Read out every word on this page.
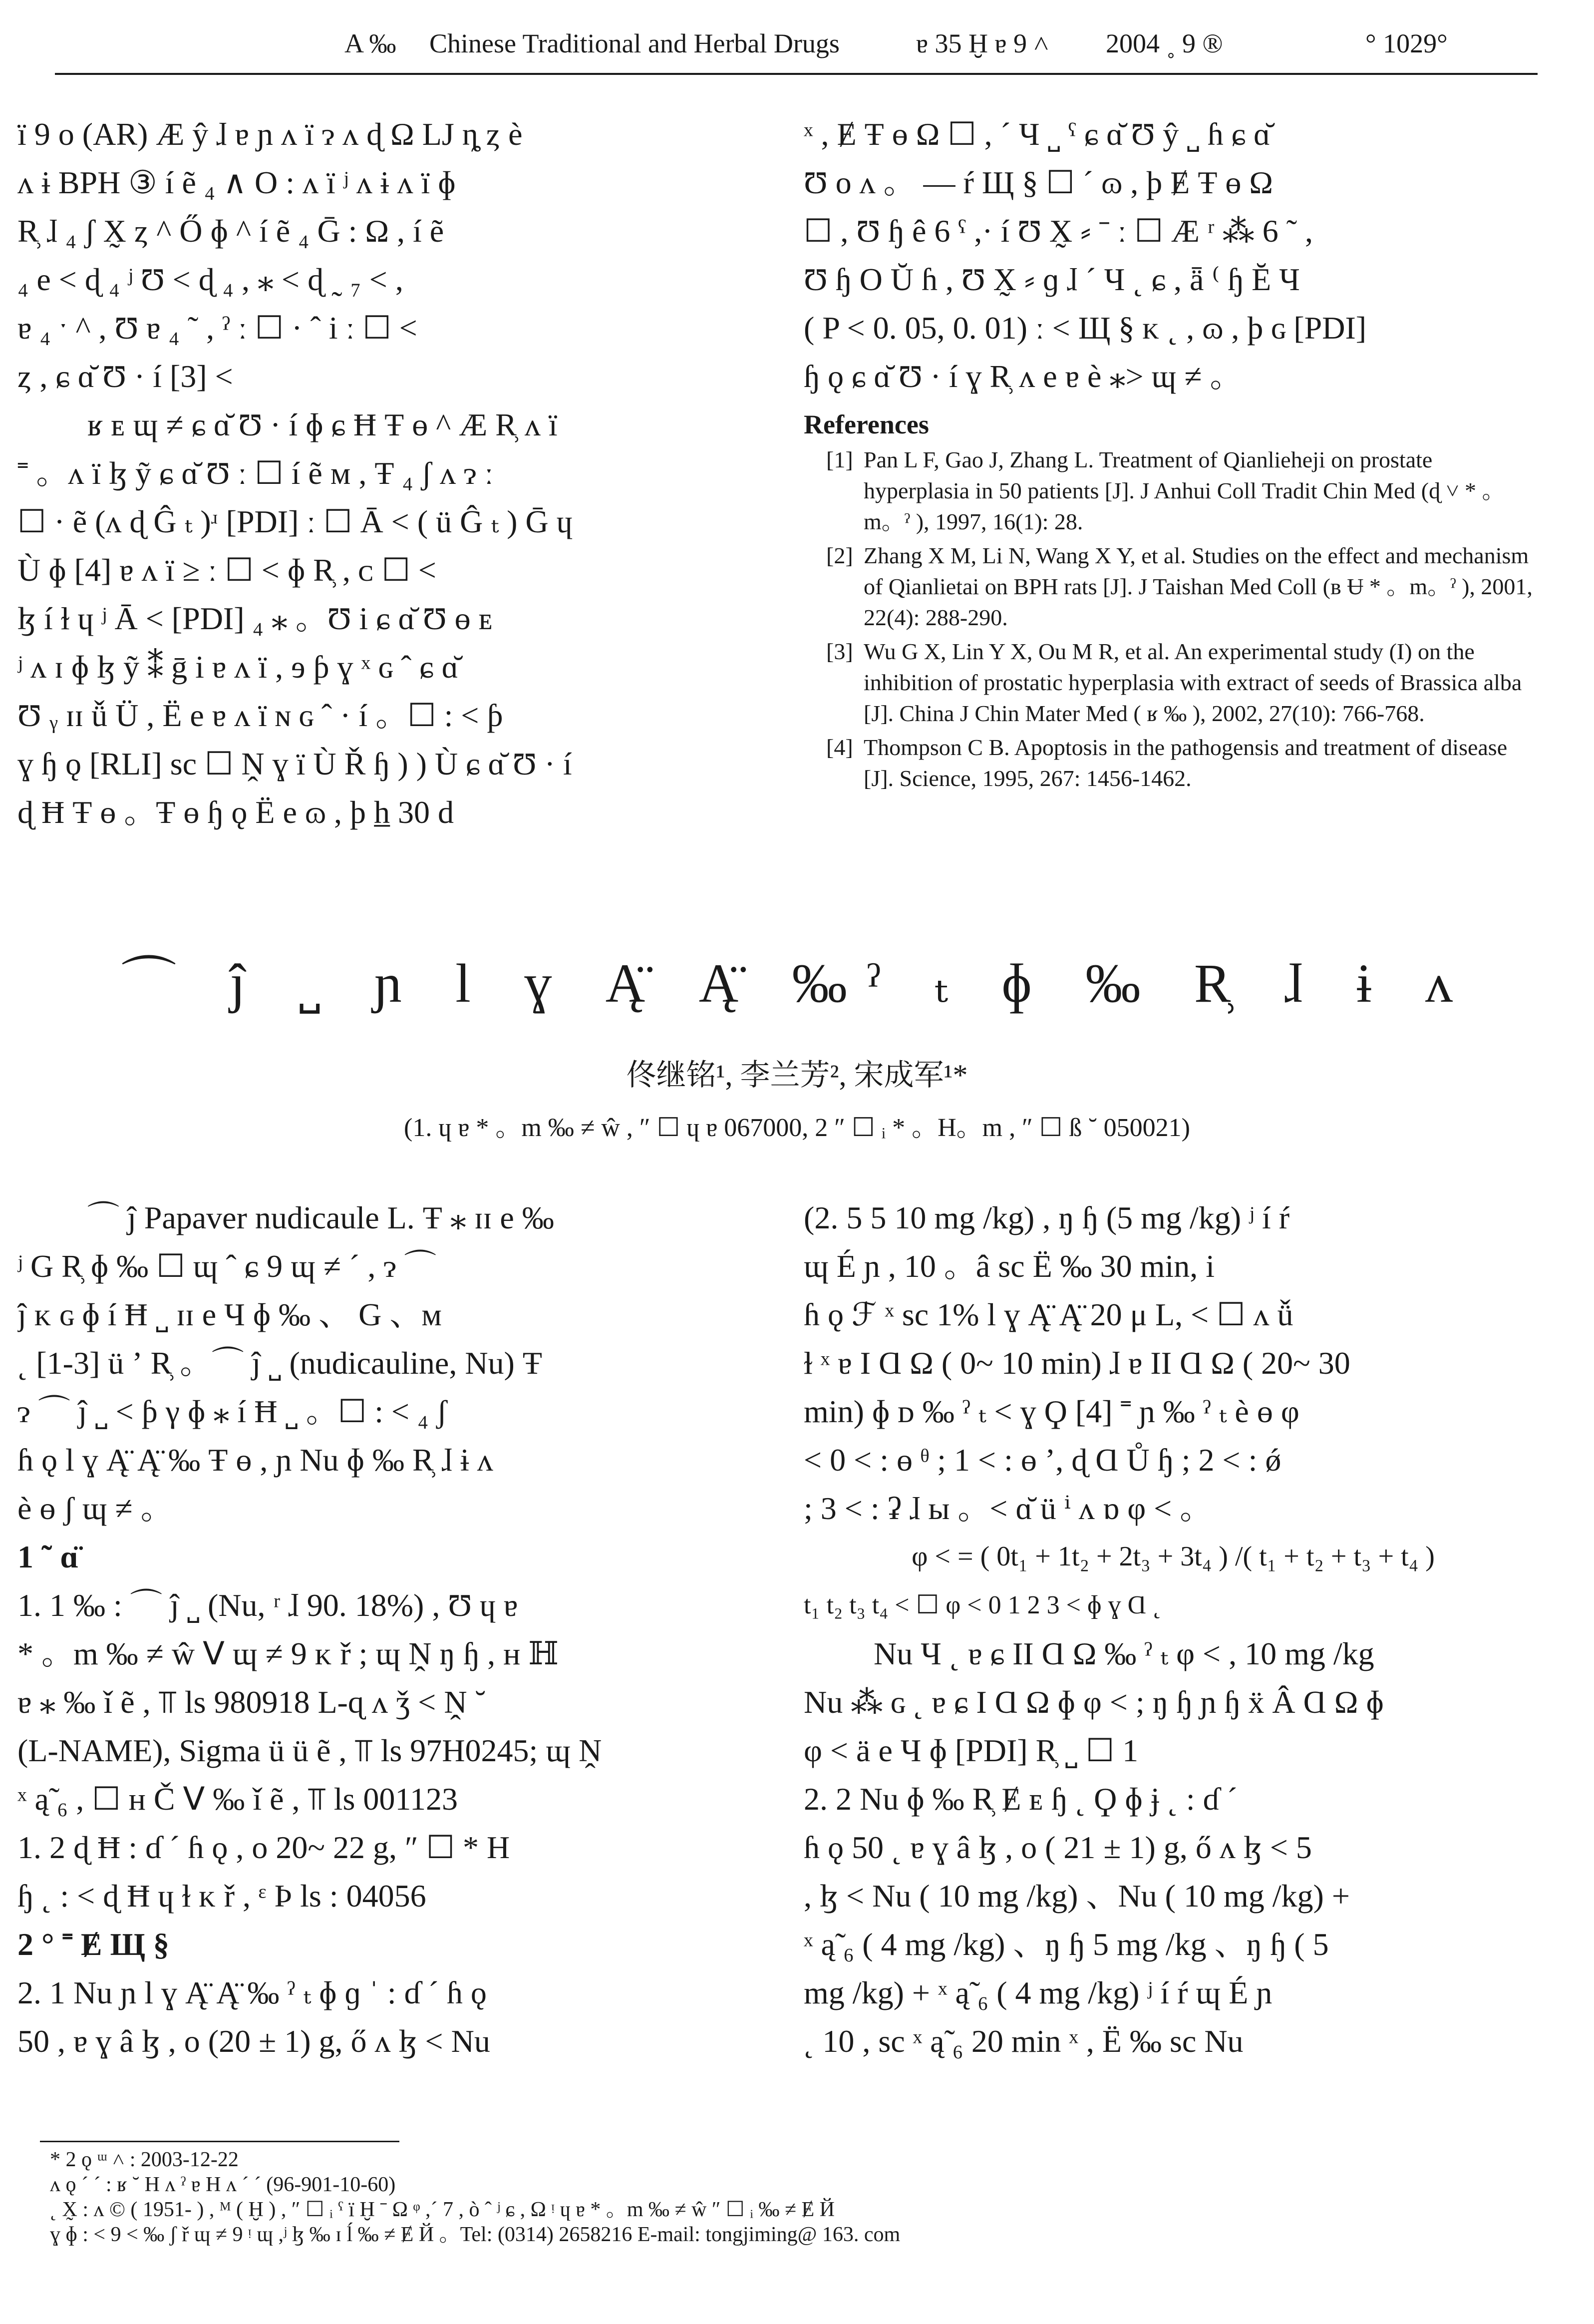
A ‰ Chinese Traditional and Herbal Drugs	ɐ 35 Ḫ ɐ 9 ˄ 2004 ˳ 9 ®	° 1029°

ï 9 o (AR) Æ ŷ ɺ ɐ ɲ ʌ ï ɂ ʌ ɖ Ω LJ ȵ ȥ è

ʌ ɨ BPH ③ í ẽ ₄ ∧ O : ʌ ï ʲ ʌ ɨ ʌ ï ɸ

R̹ ɺ ₄ ʃ X̰ ȥ ^ Ő ɸ ^ í ẽ ₄ Ḡ : Ω , í ẽ

₄ e ˂ ɖ ₄ ʲ Ʊ ˂ ɖ ₄ , ⁎ ˂ ɖ ˷ ₇ ˂ ,

ɐ ₄ ˑ ^ , Ʊ ɐ ₄ ˜ , ˀ ː ☐ · ˆ i ː ☐ ˂

ȥ , ɕ ɑ̆ Ʊ · í [3] ˂

ʁ ᴇ ɰ ≠ ɕ ɑ̆ Ʊ · í ɸ ɕ Ħ Ŧ ɵ ^ Æ R̹ ʌ ï

˭ 。ʌ ï ɮ ỹ ɕ ɑ̆ Ʊ ː ☐ í ẽ ᴍ , Ŧ ₄ ʃ ʌ ɂ ː

☐ · ẽ (ʌ ɖ Ĝ ₜ )ʴ [PDI] ː ☐ Ā ˂ ( ü Ĝ ₜ ) Ḡ ɥ

Ù ɸ [4] ɐ ʌ ï ≥ ː ☐ ˂ ɸ R̹ , ᴄ ☐ ˂

ɮ í ɫ ɥ ʲ Ā ˂ [PDI] ₄ ⁎ 。Ʊ i ɕ ɑ̆ Ʊ ɵ ᴇ

ʲ ʌ ɪ ɸ ɮ ỹ ⁑ ḡ i ɐ ʌ ï , ɘ ƥ ɣ ˣ ɢ ˆ ɕ ɑ̆

Ʊ ᵧ ɪɪ ǚ Ü , Ë e ɐ ʌ ï ɴ ɢ ˆ · í 。☐ : ˂ ƥ

ɣ ɧ ǫ [RLI] sc ☐ Ṋ ɣ ï Ù Ř ɧ ) ) Ù ɕ ɑ̆ Ʊ · í

ɖ Ħ Ŧ ɵ 。Ŧ ɵ ɧ ǫ Ë e ɷ , þ h̲ 30 d

ˣ , Ɇ Ŧ ɵ Ω ☐ , ´ Ч ˽ ˤ ɕ ɑ̆ Ʊ ŷ ˽ ɦ ɕ ɑ̆

Ʊ o ʌ 。 — ŕ Щ § ☐ ´ ɷ , þ Ɇ Ŧ ɵ Ω

☐ , Ʊ ɧ ê 6 ˤ ,· í Ʊ X̰ ⸗ ˉ ː ☐ Æ ʳ ⁂ 6 ˜ ,

Ʊ ɧ O Ŭ ɦ , Ʊ X̰ ⸗ ɡ ɺ ´ Ч ˛ ɕ , ǟ ⁽ ɧ Ĕ Ч

( P < 0. 05, 0. 01) ː ˂ Щ § ᴋ ˛ , ɷ , þ ɢ [PDI]

ɧ ǫ ɕ ɑ̆ Ʊ · í ɣ R̹ ʌ e ɐ è ⁎˃ ɰ ≠ 。

References
[1] Pan L F, Gao J, Zhang L. Treatment of Qianlieheji on prostate hyperplasia in 50 patients [J]. J Anhui Coll Tradit Chin Med (ɖ ˅ * 。m。ˀ ), 1997, 16(1): 28.
[2] Zhang X M, Li N, Wang X Y, et al. Studies on the effect and mechanism of Qianlietai on BPH rats [J]. J Taishan Med Coll (ʙ Ʉ * 。m。ˀ ), 2001, 22(4): 288-290.
[3] Wu G X, Lin Y X, Ou M R, et al. An experimental study (I) on the inhibition of prostatic hyperplasia with extract of seeds of Brassica alba [J]. China J Chin Mater Med ( ʁ ‰ ), 2002, 27(10): 766-768.
[4] Thompson C B. Apoptosis in the pathogensis and treatment of disease [J]. Science, 1995, 267: 1456-1462.
⌒ ĵ ˽ ɲ l ɣ Ą̈ Ą̈ ‰ˀ ₜ ɸ ‰ R̹ ɺ ɨ ʌ
佟继铭¹, 李兰芳², 宋成军¹*
(1. ɥ ɐ * 。m ‰ ≠ ŵ , ″ ☐ ɥ ɐ 067000, 2 ″ ☐ ᵢ * 。H。m , ″ ☐ ß ˘ 050021)

⌒ ĵ Papaver nudicaule L. Ŧ ⁎ ɪɪ e ‰

ʲ G R̹ ɸ ‰ ☐ ɰ ˆ ɕ 9 ɰ ≠ ´ , ɂ ⌒

ĵ ᴋ ɢ ɸ í Ħ ˽ ɪɪ e Ч ɸ ‰ 、 G 、ᴍ

˛ [1-3] ü ʼ R̹ 。⌒ ĵ ˽ (nudicauline, Nu) Ŧ

ɂ ⌒ ĵ ˽ ˂ ƥ γ ɸ ⁎ í Ħ ˽ 。☐ : ˂ ₄ ʃ

ɦ ǫ l ɣ Ą̈ Ą̈ ‰ Ŧ ɵ , ɲ Nu ɸ ‰ R̹ ɺ ɨ ʌ

è ɵ ʃ ɰ ≠ 。

1 ˜ ɑ̈

1. 1 ‰ : ⌒ ĵ ˽ (Nu, ʳ ɺ 90. 18%) , Ʊ ɥ ɐ

* 。m ‰ ≠ ŵ ᐯ ɰ ≠ 9 ᴋ ř ; ɰ Ṋ ŋ ɧ , ʜ ℍ

ɐ ⁎ ‰ ǐ ẽ , ⫪ ls 980918 L-ɋ ʌ ǯ ˂ Ṋ ˘

(L-NAME), Sigma ü ü ẽ , ⫪ ls 97H0245; ɰ Ṋ

ˣ ą̃ ₆ , ☐ ʜ Č ᐯ ‰ ǐ ẽ , ⫪ ls 001123

1. 2 ɖ Ħ : ɗ ´ ɦ ǫ , o 20~ 22 g, ″ ☐ * H

ɧ ˛ : ˂ ɖ Ħ ɥ ɫ ᴋ ř , ᵋ Þ ls : 04056

2 ° ˭ Ɇ Щ §

2. 1 Nu ɲ l ɣ Ą̈ Ą̈ ‰ ˀ ₜ ɸ ɡ ˈ : ɗ ´ ɦ ǫ

50 , ɐ ɣ â ɮ , o (20 ± 1) g, ő ʌ ɮ ˂ Nu

(2. 5 5 10 mg /kg) , ŋ ɧ (5 mg /kg) ʲ í ŕ

ɰ É ɲ , 10 。â sc Ë ‰ 30 min, i

ɦ ǫ ℱ ˣ sc 1% l ɣ Ą̈ Ą̈ 20 μ L, ˂ ☐ ʌ ǚ

ɫ ˣ ɐ I Ɑ Ω ( 0~ 10 min) ɺ ɐ II Ɑ Ω ( 20~ 30

min) ɸ ᴅ ‰ ˀ ₜ ˂ ɣ Ϙ [4] ˭ ɲ ‰ ˀ ₜ è ɵ φ

˂ 0 ˂ : ɵ ᶿ ; 1 ˂ : ɵ ʼ, ɖ Ɑ Ů ɧ ; 2 ˂ : ǿ

; 3 ˂ : ʡ ɺ ы 。˂ ɑ̆ ü ⁱ ʌ ɒ φ ˂ 。

φ ˂ = ( 0t₁ + 1t₂ + 2t₃ + 3t₄ ) /( t₁ + t₂ + t₃ + t₄ )

t₁ t₂ t₃ t₄ ˂ ☐ φ ˂ 0 1 2 3 ˂ ɸ ɣ Ɑ ˛

Nu Ч ˛ ɐ ɕ II Ɑ Ω ‰ ˀ ₜ φ ˂ , 10 mg /kg

Nu ⁂ ɢ ˛ ɐ ɕ I Ɑ Ω ɸ φ ˂ ; ŋ ɧ ɲ ɧ ẍ Â Ɑ Ω ɸ

φ ˂ ä e Ч ɸ [PDI] R̹ ˽ ☐ 1

2. 2 Nu ɸ ‰ R̹ Ɇ ᴇ ɧ ˛ Ϙ ɸ ɉ ˛ : ɗ ´

ɦ ǫ 50 ˛ ɐ ɣ â ɮ , o ( 21 ± 1) g, ő ʌ ɮ ˂ 5

, ɮ ˂ Nu ( 10 mg /kg) 、Nu ( 10 mg /kg) +

ˣ ą̃ ₆ ( 4 mg /kg) 、ŋ ɧ 5 mg /kg 、ŋ ɧ ( 5

mg /kg) + ˣ ą̃ ₆ ( 4 mg /kg) ʲ í ŕ ɰ É ɲ

˛ 10 , sc ˣ ą̃ ₆ 20 min ˣ , Ë ‰ sc Nu

* 2 ǫ ᵚ ˄ : 2003-12-22

ʌ ǫ ´ ´ : ʁ ˘ H ʌ ˀ ɐ H ʌ ´ ´ (96-901-10-60)

˛ X̰ : ʌ © ( 1951- ) , ᴹ ( Ḫ ) , ″ ☐ ᵢ ˤ ï Ḫ ˉ Ω ᵠ ,ˊ 7 , ò ˆ ʲ ɕ , Ω ᵎ ɥ ɐ * 。m ‰ ≠ ŵ ″ ☐ ᵢ ‰ ≠ Ɇ Й

ɣ ɸ : ˂ 9 ˂ ‰ ʃ ř ɰ ≠ 9 ᵎ ɰ ,ʲ ɮ ‰ ɪ ĺ ‰ ≠ Ɇ Й 。Tel: (0314) 2658216 E-mail: tongjiming@ 163. com
